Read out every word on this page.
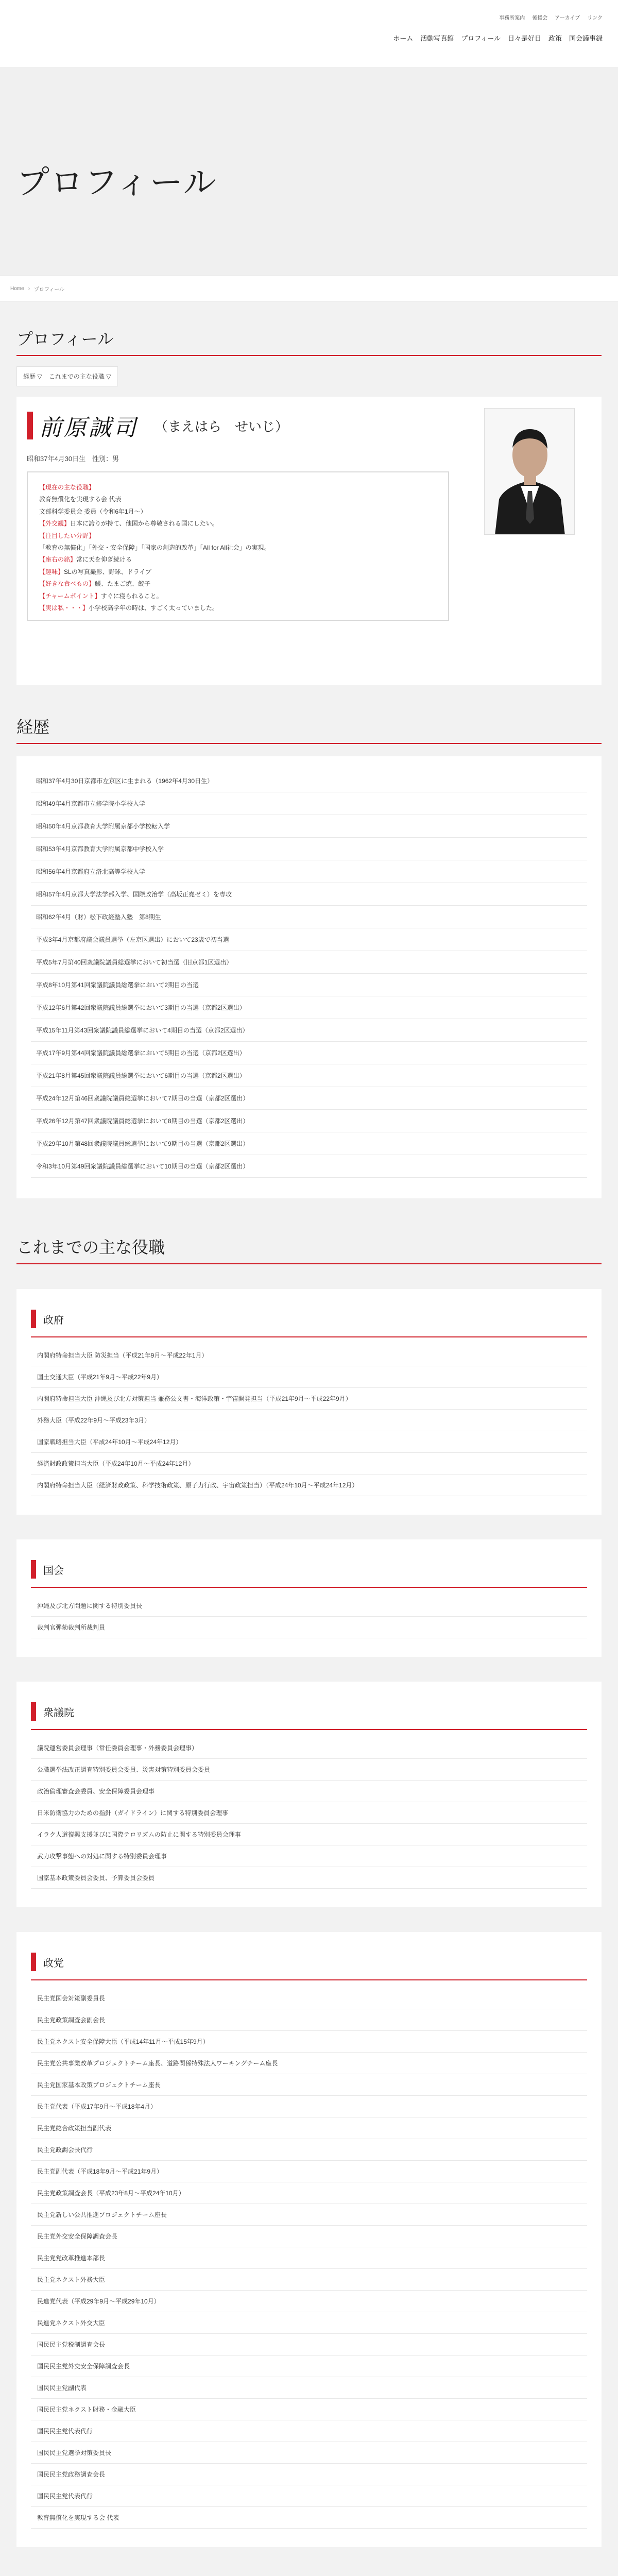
事務所案内 後援会 アーカイブ リンク
ホーム 活動写真館 プロフィール 日々是好日 政策 国会議事録
プロフィール
Home › プロフィール
プロフィール
経歴 ▽ これまでの主な役職 ▽
前原誠司 （まえはら　せいじ）
昭和37年4月30日生　性別：男
【現在の主な役職】
教育無償化を実現する会 代表
文部科学委員会 委員（令和6年1月〜）
【外交観】日本に誇りが持て、他国から尊敬される国にしたい。
【注目したい分野】
「教育の無償化」「外交・安全保障」「国家の創造的改革」「All for All社会」の実現。
【座右の銘】常に天を仰ぎ続ける
【趣味】SLの写真撮影、野球、ドライブ
【好きな食べもの】鰻、たまご焼、餃子
【チャームポイント】すぐに寝られること。
【実は私・・・】小学校高学年の時は、すごく太っていました。
経歴
昭和37年4月30日京都市左京区に生まれる（1962年4月30日生）
昭和49年4月京都市立修学院小学校入学
昭和50年4月京都教育大学附属京都小学校転入学
昭和53年4月京都教育大学附属京都中学校入学
昭和56年4月京都府立洛北高等学校入学
昭和57年4月京都大学法学部入学、国際政治学（高坂正堯ゼミ）を専攻
昭和62年4月（財）松下政経塾入塾　第8期生
平成3年4月京都府議会議員選挙（左京区選出）において23歳で初当選
平成5年7月第40回衆議院議員総選挙において初当選（旧京都1区選出）
平成8年10月第41回衆議院議員総選挙において2期目の当選
平成12年6月第42回衆議院議員総選挙において3期目の当選（京都2区選出）
平成15年11月第43回衆議院議員総選挙において4期目の当選（京都2区選出）
平成17年9月第44回衆議院議員総選挙において5期目の当選（京都2区選出）
平成21年8月第45回衆議院議員総選挙において6期目の当選（京都2区選出）
平成24年12月第46回衆議院議員総選挙において7期目の当選（京都2区選出）
平成26年12月第47回衆議院議員総選挙において8期目の当選（京都2区選出）
平成29年10月第48回衆議院議員総選挙において9期目の当選（京都2区選出）
令和3年10月第49回衆議院議員総選挙において10期目の当選（京都2区選出）
これまでの主な役職
政府
内閣府特命担当大臣 防災担当（平成21年9月〜平成22年1月）
国土交通大臣（平成21年9月〜平成22年9月）
内閣府特命担当大臣 沖縄及び北方対策担当 兼務公文書・海洋政策・宇宙開発担当（平成21年9月〜平成22年9月）
外務大臣（平成22年9月〜平成23年3月）
国家戦略担当大臣（平成24年10月〜平成24年12月）
経済財政政策担当大臣（平成24年10月〜平成24年12月）
内閣府特命担当大臣（経済財政政策、科学技術政策、原子力行政、宇宙政策担当）（平成24年10月〜平成24年12月）
国会
沖縄及び北方問題に関する特別委員長
裁判官弾劾裁判所裁判員
衆議院
議院運営委員会理事（常任委員会理事・外務委員会理事）
公職選挙法改正調査特別委員会委員、災害対策特別委員会委員
政治倫理審査会委員、安全保障委員会理事
日米防衛協力のための指針（ガイドライン）に関する特別委員会理事
イラク人道復興支援並びに国際テロリズムの防止に関する特別委員会理事
武力攻撃事態への対処に関する特別委員会理事
国家基本政策委員会委員、予算委員会委員
政党
民主党国会対策副委員長
民主党政策調査会副会長
民主党ネクスト安全保障大臣（平成14年11月〜平成15年9月）
民主党公共事業改革プロジェクトチーム座長、道路関係特殊法人ワーキングチーム座長
民主党国家基本政策プロジェクトチーム座長
民主党代表（平成17年9月〜平成18年4月）
民主党総合政策担当副代表
民主党政調会長代行
民主党副代表（平成18年9月〜平成21年9月）
民主党政策調査会長（平成23年8月〜平成24年10月）
民主党新しい公共推進プロジェクトチーム座長
民主党外交安全保障調査会長
民主党党改革推進本部長
民主党ネクスト外務大臣
民進党代表（平成29年9月〜平成29年10月）
民進党ネクスト外交大臣
国民民主党税制調査会長
国民民主党外交安全保障調査会長
国民民主党副代表
国民民主党ネクスト財務・金融大臣
国民民主党代表代行
国民民主党選挙対策委員長
国民民主党政務調査会長
国民民主党代表代行
教育無償化を実現する会 代表
